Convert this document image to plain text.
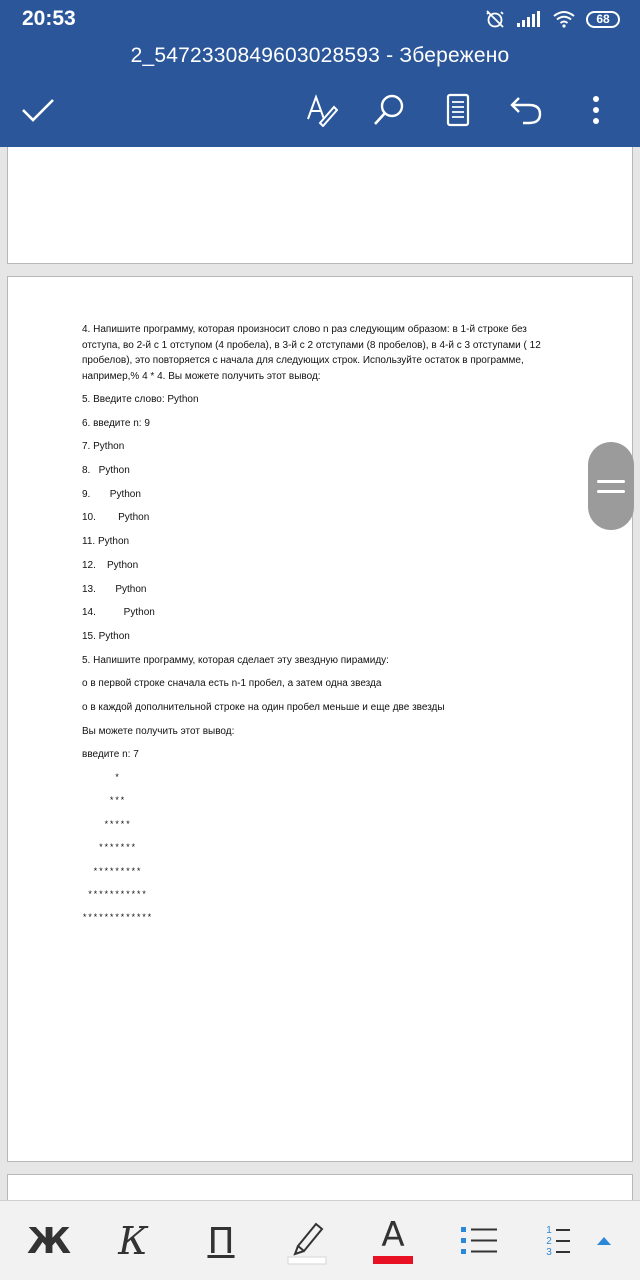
20:53	68
2_5472330849603028593 - Збережено

4. Напишите программу, которая произносит слово n раз следующим образом: в 1-й строке без отступа, во 2-й с 1 отступом (4 пробела), в 3-й с 2 отступами (8 пробелов), в 4-й с 3 отступами ( 12 пробелов), это повторяется с начала для следующих строк. Используйте остаток в программе, например,% 4 * 4. Вы можете получить этот вывод:

5. Введите слово: Python
6. введите n: 9
7. Python
8.   Python
9.       Python
10.        Python
11. Python
12.    Python
13.       Python
14.          Python
15. Python
5. Напишите программу, которая сделает эту звездную пирамиду:
o в первой строке сначала есть n-1 пробел, а затем одна звезда
o в каждой дополнительной строке на один пробел меньше и еще две звезды
Вы можете получить этот вывод:
введите n: 7
*
***
*****
*******
*********
***********
*************
Ж К П	A	1
2
3
